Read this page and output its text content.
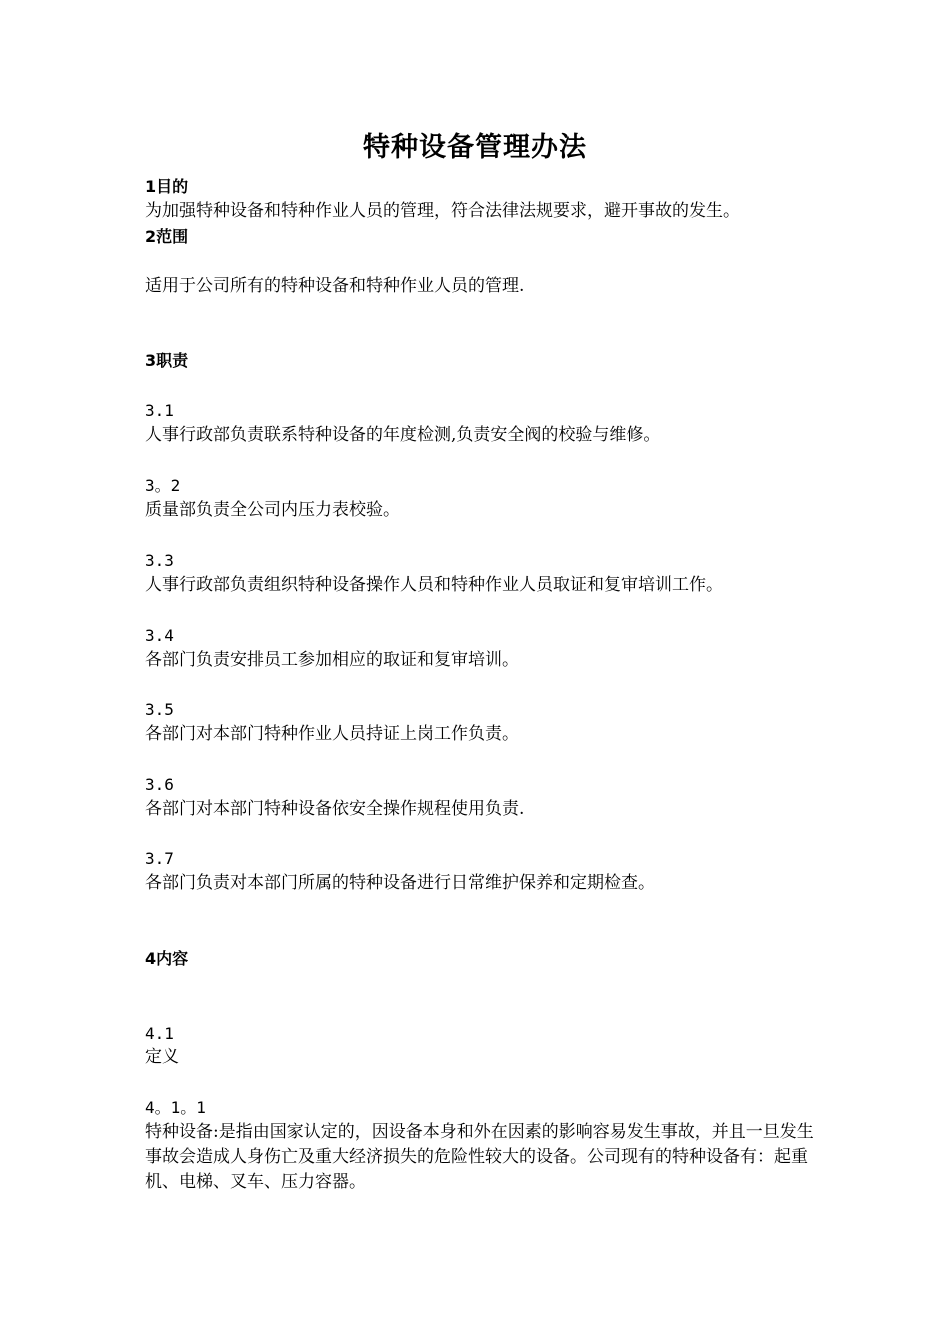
特种设备管理办法
1目的
为加强特种设备和特种作业人员的管理，符合法律法规要求，避开事故的发生。
2范围
适用于公司所有的特种设备和特种作业人员的管理.
3职责
3.1
人事行政部负责联系特种设备的年度检测,负责安全阀的校验与维修。
3。2
质量部负责全公司内压力表校验。
3.3
人事行政部负责组织特种设备操作人员和特种作业人员取证和复审培训工作。
3.4
各部门负责安排员工参加相应的取证和复审培训。
3.5
各部门对本部门特种作业人员持证上岗工作负责。
3.6
各部门对本部门特种设备依安全操作规程使用负责.
3.7
各部门负责对本部门所属的特种设备进行日常维护保养和定期检查。
4内容
4.1
定义
4。1。1
特种设备:是指由国家认定的，因设备本身和外在因素的影响容易发生事故，并且一旦发生事故会造成人身伤亡及重大经济损失的危险性较大的设备。公司现有的特种设备有：起重机、电梯、叉车、压力容器。
